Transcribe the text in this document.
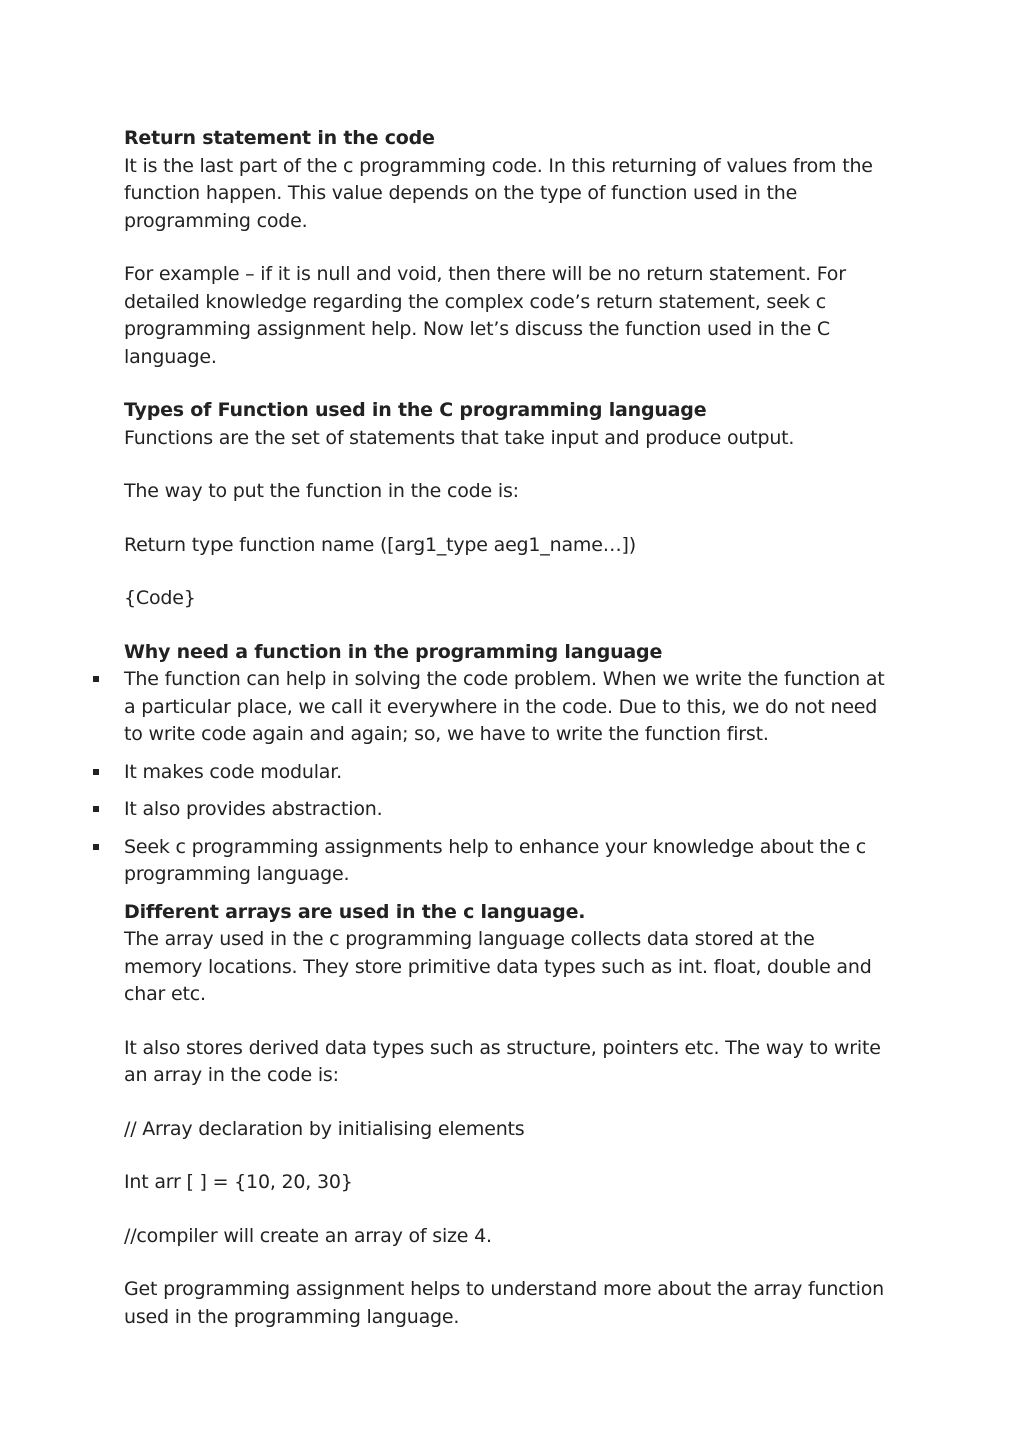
Return statement in the code

It is the last part of the c programming code. In this returning of values from the function happen. This value depends on the type of function used in the programming code.

For example – if it is null and void, then there will be no return statement. For detailed knowledge regarding the complex code’s return statement, seek c programming assignment help. Now let’s discuss the function used in the C language.

Types of Function used in the C programming language

Functions are the set of statements that take input and produce output.

The way to put the function in the code is:

Return type function name ([arg1_type aeg1_name…])

{Code}

Why need a function in the programming language

The function can help in solving the code problem. When we write the function at a particular place, we call it everywhere in the code. Due to this, we do not need to write code again and again; so, we have to write the function first.
It makes code modular.
It also provides abstraction.
Seek c programming assignments help to enhance your knowledge about the c programming language.

Different arrays are used in the c language.

The array used in the c programming language collects data stored at the memory locations. They store primitive data types such as int. float, double and char etc.

It also stores derived data types such as structure, pointers etc. The way to write an array in the code is:

// Array declaration by initialising elements

Int arr [ ] = {10, 20, 30}

//compiler will create an array of size 4.

Get programming assignment helps to understand more about the array function used in the programming language.
